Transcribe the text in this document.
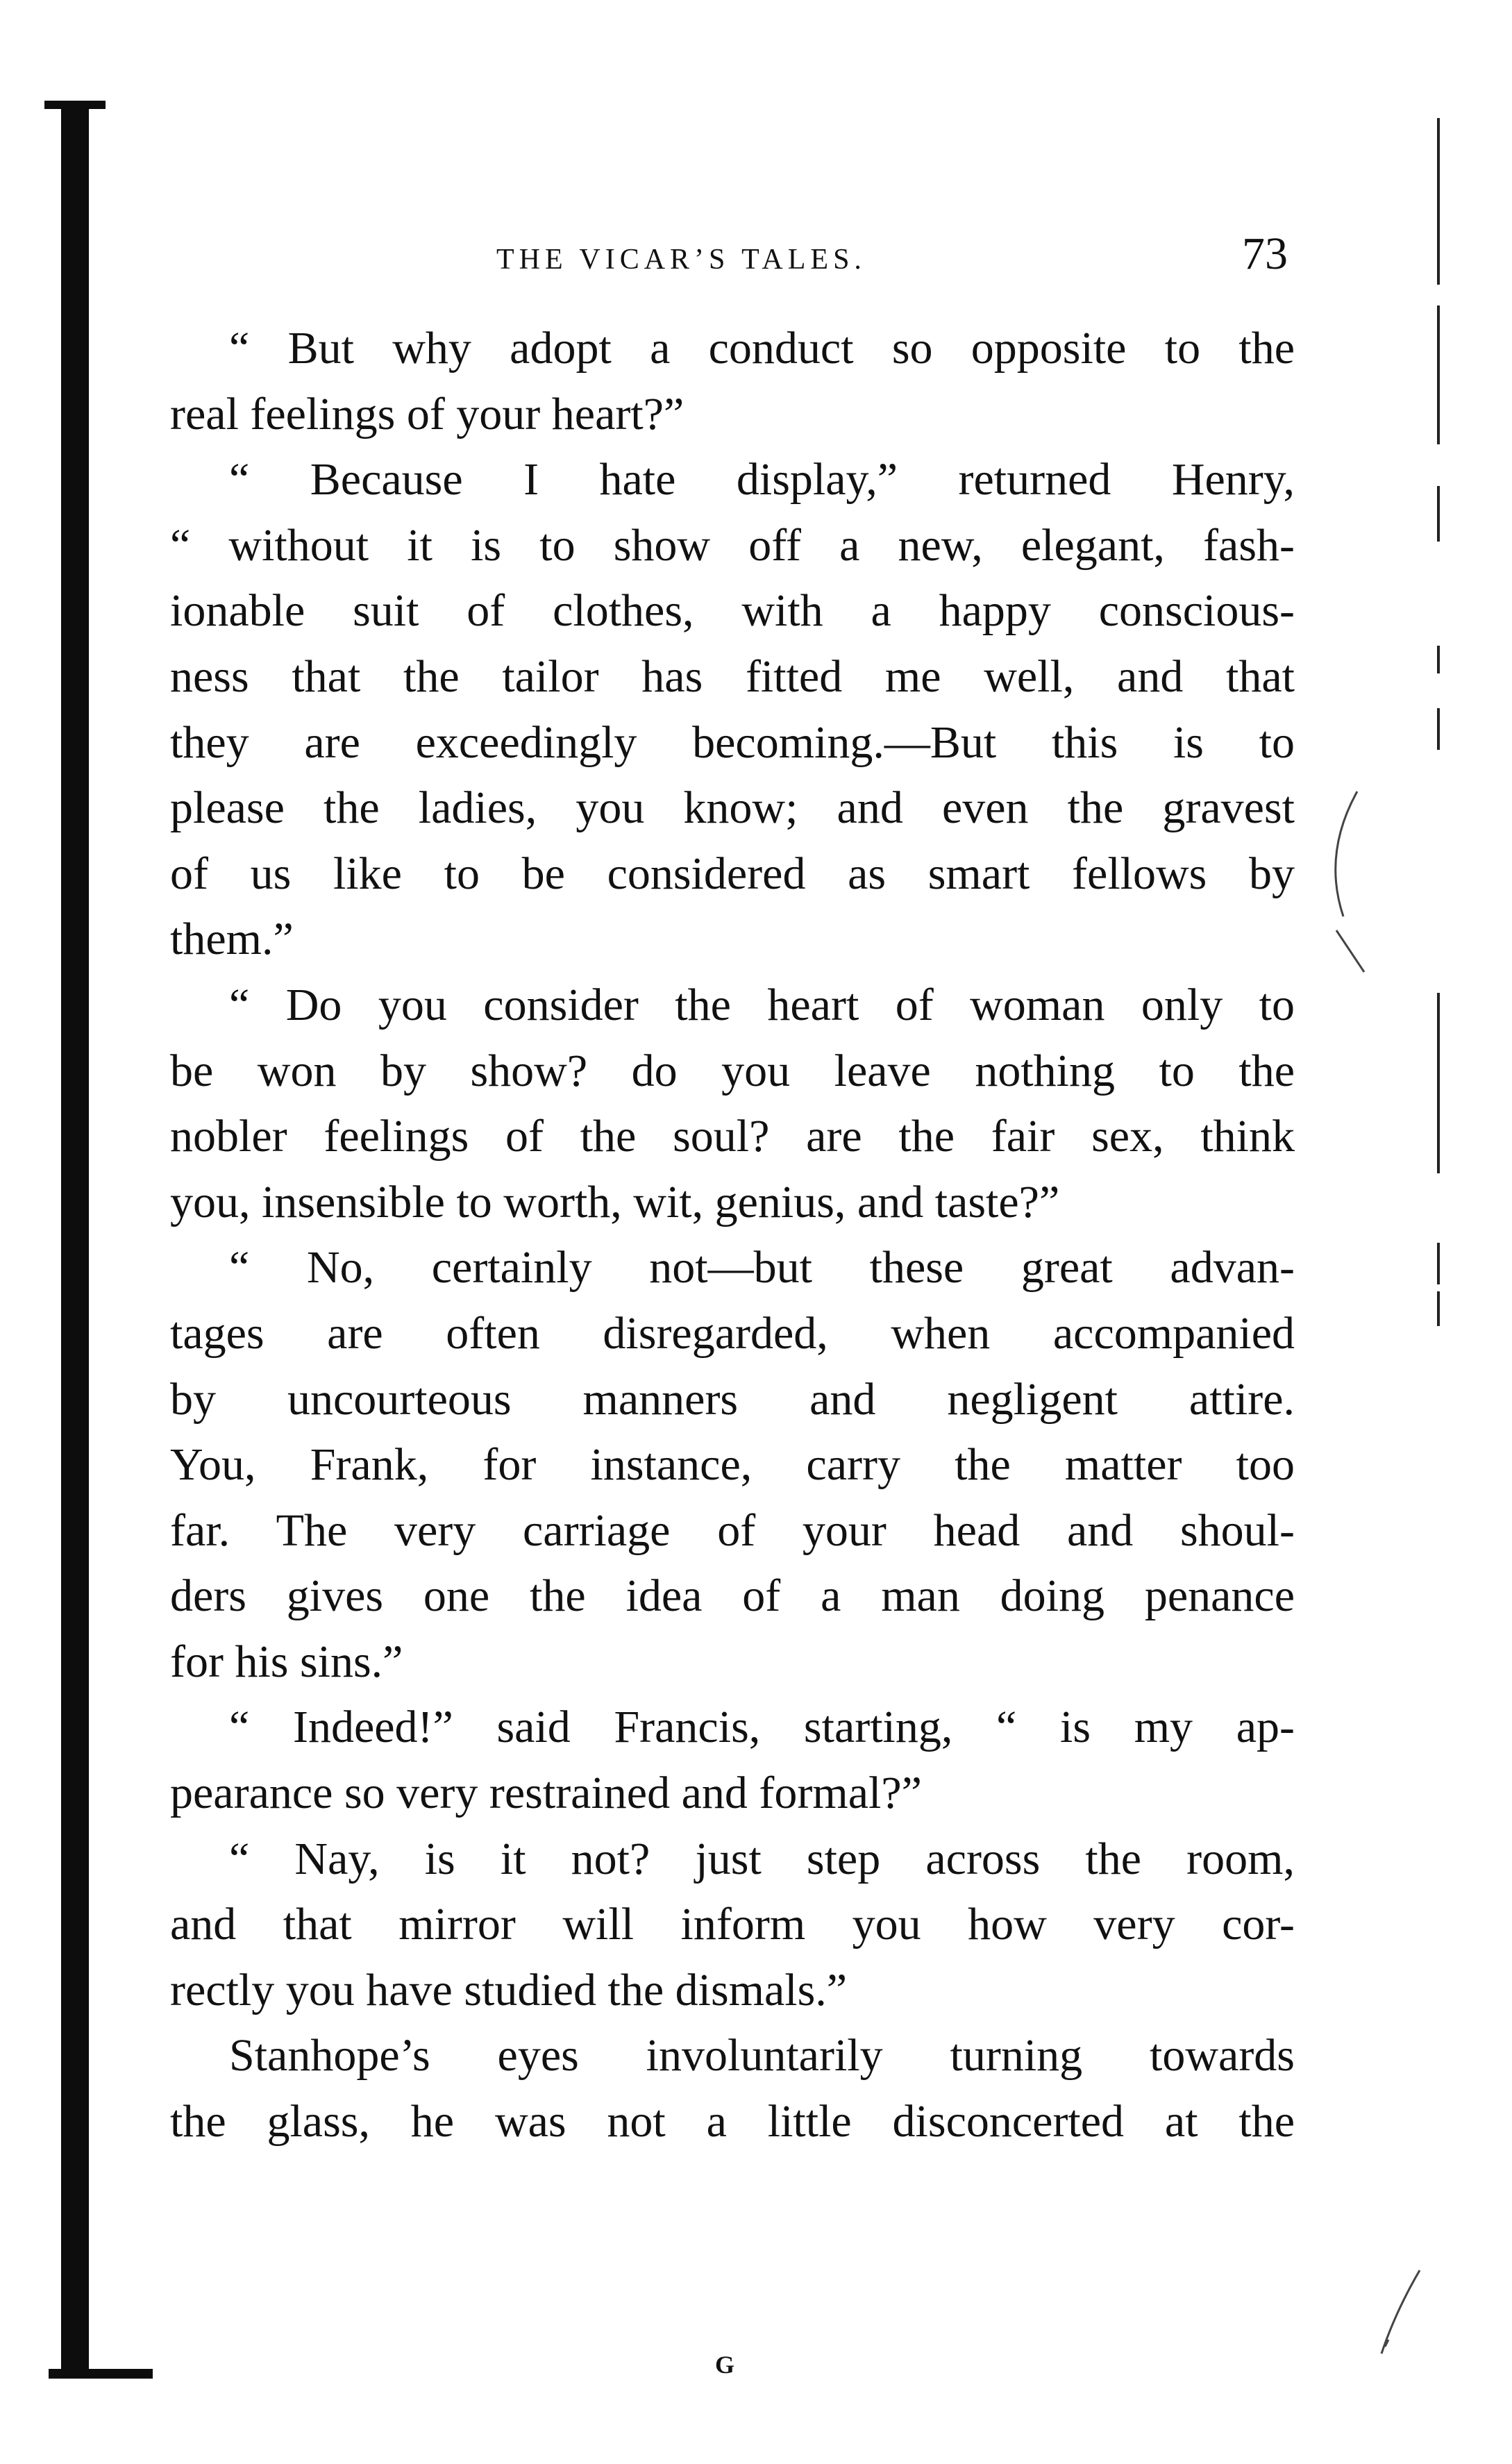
THE VICAR’S TALES.	73
“ But why adopt a conduct so opposite to the
real feelings of your heart?”
“ Because I hate display,” returned Henry,
“ without it is to show off a new, elegant, fash-
ionable suit of clothes, with a happy conscious-
ness that the tailor has fitted me well, and that
they are exceedingly becoming.—But this is to
please the ladies, you know; and even the gravest
of us like to be considered as smart fellows by
them.”
“ Do you consider the heart of woman only to
be won by show? do you leave nothing to the
nobler feelings of the soul? are the fair sex, think
you, insensible to worth, wit, genius, and taste?”
“ No, certainly not—but these great advan-
tages are often disregarded, when accompanied
by uncourteous manners and negligent attire.
You, Frank, for instance, carry the matter too
far. The very carriage of your head and shoul-
ders gives one the idea of a man doing penance
for his sins.”
“ Indeed!” said Francis, starting, “ is my ap-
pearance so very restrained and formal?”
“ Nay, is it not? just step across the room,
and that mirror will inform you how very cor-
rectly you have studied the dismals.”
Stanhope’s eyes involuntarily turning towards
the glass, he was not a little disconcerted at the
G
